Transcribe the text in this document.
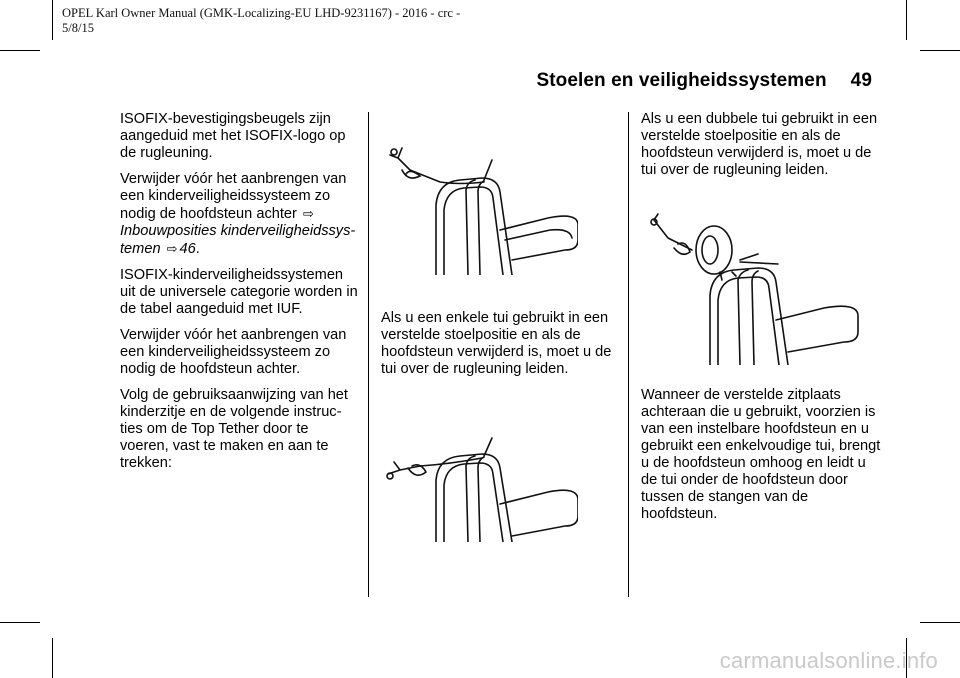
OPEL Karl Owner Manual (GMK-Localizing-EU LHD-9231167) - 2016 - crc -
5/8/15
Stoelen en veiligheidssystemen 49

ISOFIX-bevestigingsbeugels zijn aangeduid met het ISOFIX-logo op de rugleuning.

Verwijder vóór het aanbrengen van een kinderveiligheidssysteem zo nodig de hoofdsteun achter ⇨ Inbouwposities kinderveiligheidssys- temen ⇨ 46.

ISOFIX-kinderveiligheidssystemen uit de universele categorie worden in de tabel aangeduid met IUF.

Verwijder vóór het aanbrengen van een kinderveiligheidssysteem zo nodig de hoofdsteun achter.

Volg de gebruiksaanwijzing van het kinderzitje en de volgende instruc- ties om de Top Tether door te voeren, vast te maken en aan te trekken:

Als u een enkele tui gebruikt in een verstelde stoelpositie en als de hoofdsteun verwijderd is, moet u de tui over de rugleuning leiden.

Als u een dubbele tui gebruikt in een verstelde stoelpositie en als de hoofdsteun verwijderd is, moet u de tui over de rugleuning leiden.

Wanneer de verstelde zitplaats achteraan die u gebruikt, voorzien is van een instelbare hoofdsteun en u gebruikt een enkelvoudige tui, brengt u de hoofdsteun omhoog en leidt u de tui onder de hoofdsteun door tussen de stangen van de hoofdsteun.

carmanualsonline.info
